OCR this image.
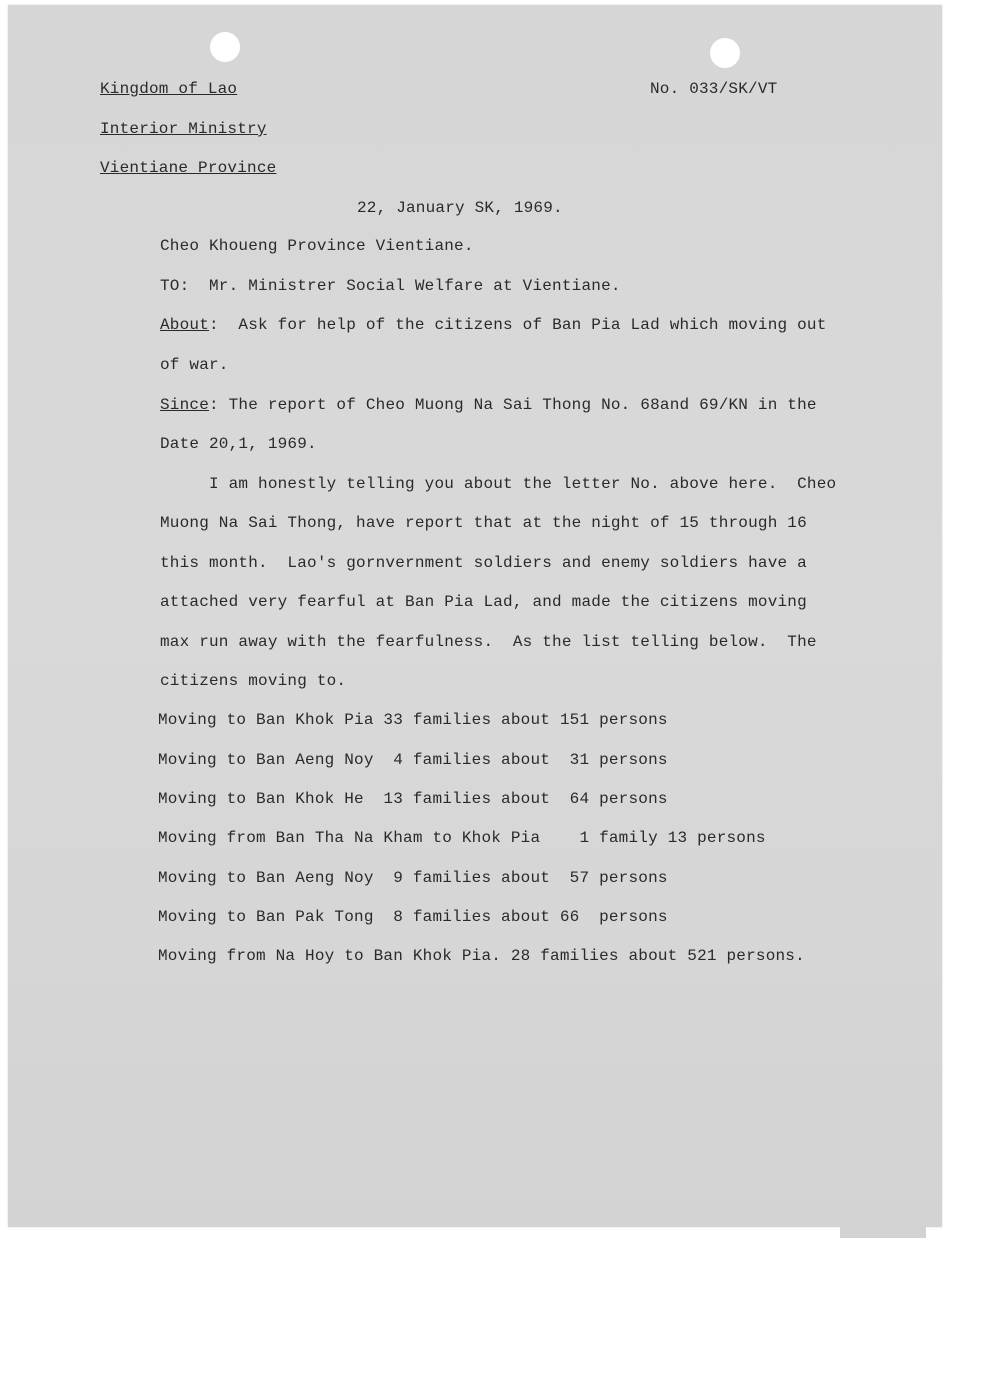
Kingdom of Lao
Interior Ministry
Vientiane Province
No. 033/SK/VT
22, January SK, 1969.
Cheo Khoueng Province Vientiane.
TO:  Mr. Ministrer Social Welfare at Vientiane.
About:  Ask for help of the citizens of Ban Pia Lad which moving out
of war.
Since: The report of Cheo Muong Na Sai Thong No. 68and 69/KN in the
Date 20,1, 1969.
I am honestly telling you about the letter No. above here.  Cheo
Muong Na Sai Thong, have report that at the night of 15 through 16
this month.  Lao's gornvernment soldiers and enemy soldiers have a
attached very fearful at Ban Pia Lad, and made the citizens moving
max run away with the fearfulness.  As the list telling below.  The
citizens moving to.
Moving to Ban Khok Pia 33 families about 151 persons
Moving to Ban Aeng Noy  4 families about  31 persons
Moving to Ban Khok He  13 families about  64 persons
Moving from Ban Tha Na Kham to Khok Pia    1 family 13 persons
Moving to Ban Aeng Noy  9 families about  57 persons
Moving to Ban Pak Tong  8 families about 66  persons
Moving from Na Hoy to Ban Khok Pia. 28 families about 521 persons.
